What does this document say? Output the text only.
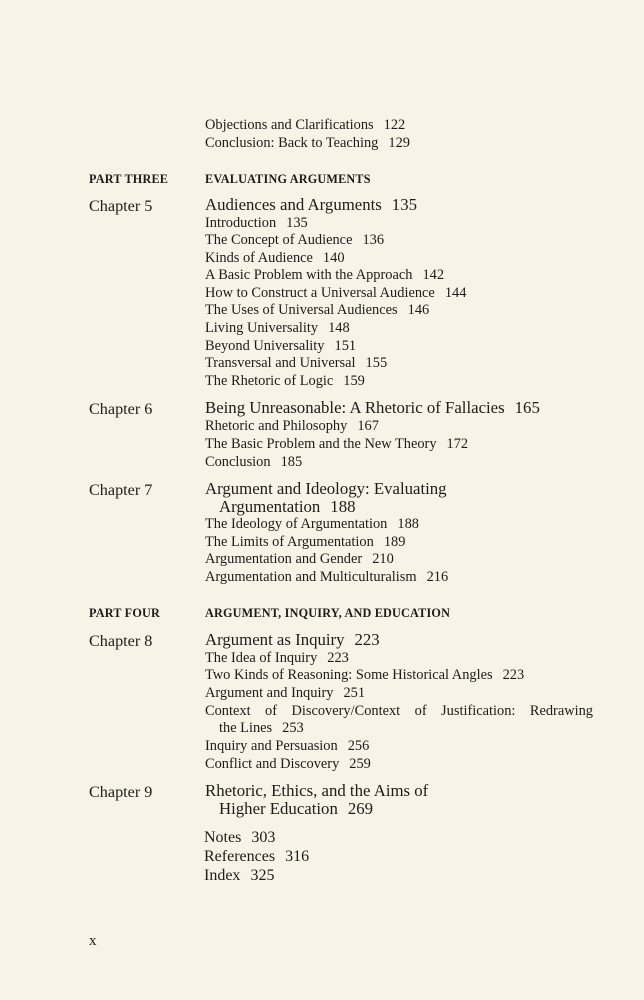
Objections and Clarifications 122
Conclusion: Back to Teaching 129
PART THREE	EVALUATING ARGUMENTS
Chapter 5	Audiences and Arguments 135
Introduction 135
The Concept of Audience 136
Kinds of Audience 140
A Basic Problem with the Approach 142
How to Construct a Universal Audience 144
The Uses of Universal Audiences 146
Living Universality 148
Beyond Universality 151
Transversal and Universal 155
The Rhetoric of Logic 159
Chapter 6	Being Unreasonable: A Rhetoric of Fallacies 165
Rhetoric and Philosophy 167
The Basic Problem and the New Theory 172
Conclusion 185
Chapter 7	Argument and Ideology: Evaluating
Argumentation 188
The Ideology of Argumentation 188
The Limits of Argumentation 189
Argumentation and Gender 210
Argumentation and Multiculturalism 216
PART FOUR	ARGUMENT, INQUIRY, AND EDUCATION
Chapter 8	Argument as Inquiry 223
The Idea of Inquiry 223
Two Kinds of Reasoning: Some Historical Angles 223
Argument and Inquiry 251
Context of Discovery/Context of Justification: Redrawing
the Lines 253
Inquiry and Persuasion 256
Conflict and Discovery 259
Chapter 9	Rhetoric, Ethics, and the Aims of
Higher Education 269
Notes 303
References 316
Index 325
x
